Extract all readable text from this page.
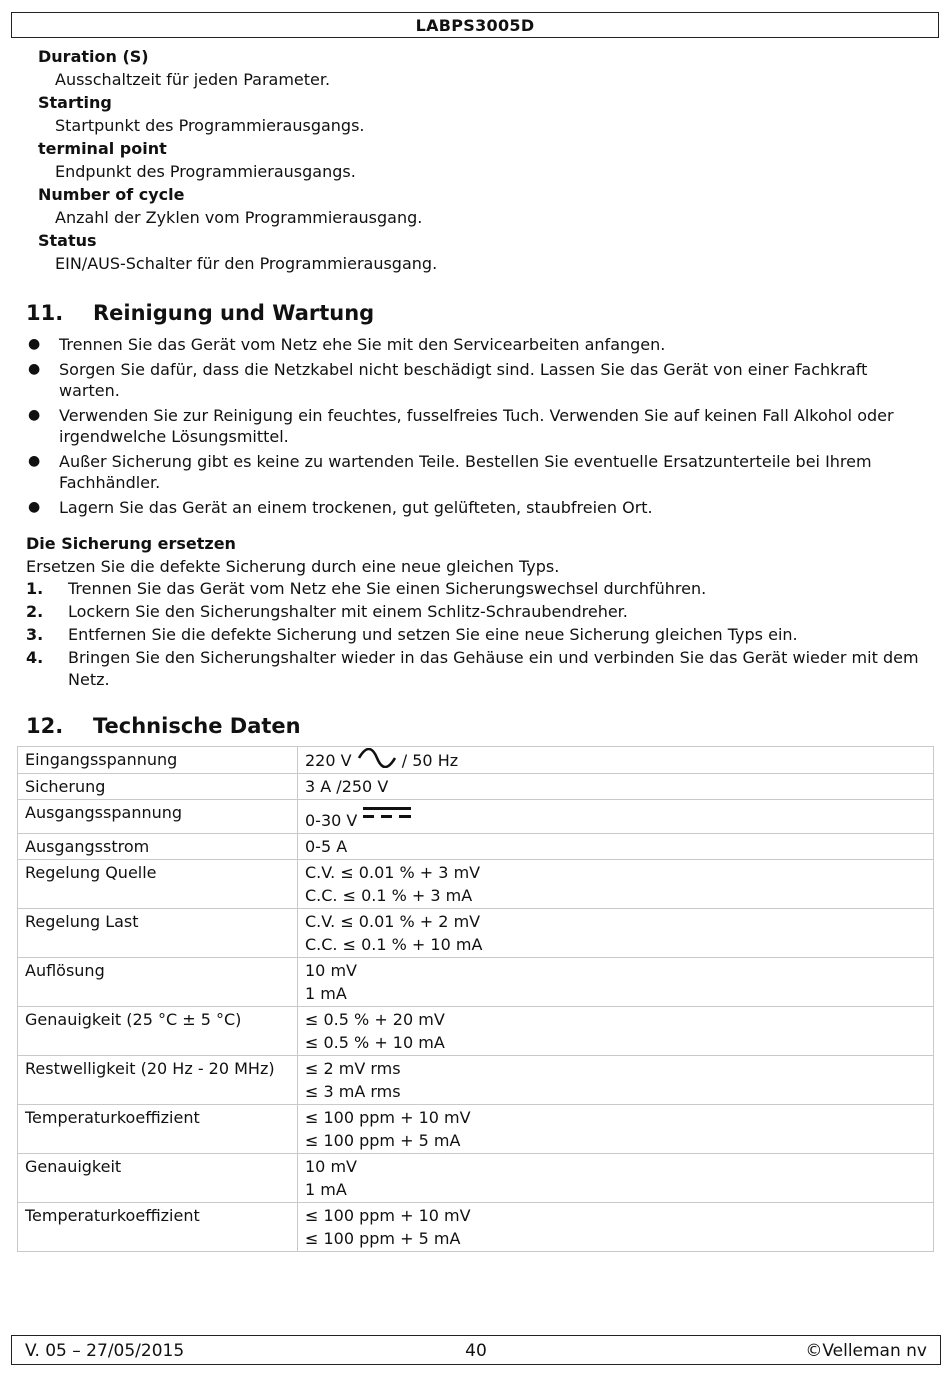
LABPS3005D
Duration (S)
Ausschaltzeit für jeden Parameter.
Starting
Startpunkt des Programmierausgangs.
terminal point
Endpunkt des Programmierausgangs.
Number of cycle
Anzahl der Zyklen vom Programmierausgang.
Status
EIN/AUS-Schalter für den Programmierausgang.
11. Reinigung und Wartung
● Trennen Sie das Gerät vom Netz ehe Sie mit den Servicearbeiten anfangen.
● Sorgen Sie dafür, dass die Netzkabel nicht beschädigt sind. Lassen Sie das Gerät von einer Fachkraft warten.
● Verwenden Sie zur Reinigung ein feuchtes, fusselfreies Tuch. Verwenden Sie auf keinen Fall Alkohol oder irgendwelche Lösungsmittel.
● Außer Sicherung gibt es keine zu wartenden Teile. Bestellen Sie eventuelle Ersatzunterteile bei Ihrem Fachhändler.
● Lagern Sie das Gerät an einem trockenen, gut gelüfteten, staubfreien Ort.
Die Sicherung ersetzen
Ersetzen Sie die defekte Sicherung durch eine neue gleichen Typs.
1. Trennen Sie das Gerät vom Netz ehe Sie einen Sicherungswechsel durchführen.
2. Lockern Sie den Sicherungshalter mit einem Schlitz-Schraubendreher.
3. Entfernen Sie die defekte Sicherung und setzen Sie eine neue Sicherung gleichen Typs ein.
4. Bringen Sie den Sicherungshalter wieder in das Gehäuse ein und verbinden Sie das Gerät wieder mit dem Netz.
12. Technische Daten
Eingangsspannung	220 V / 50 Hz
Sicherung	3 A /250 V
Ausgangsspannung	0-30 V
Ausgangsstrom	0-5 A
Regelung Quelle	C.V. ≤ 0.01 % + 3 mV
C.C. ≤ 0.1 % + 3 mA

Regelung Last	C.V. ≤ 0.01 % + 2 mV
C.C. ≤ 0.1 % + 10 mA

Auflösung	10 mV
1 mA

Genauigkeit (25 °C ± 5 °C)	≤ 0.5 % + 20 mV
≤ 0.5 % + 10 mA

Restwelligkeit (20 Hz - 20 MHz)	≤ 2 mV rms
≤ 3 mA rms

Temperaturkoeffizient	≤ 100 ppm + 10 mV
≤ 100 ppm + 5 mA

Genauigkeit	10 mV
1 mA

Temperaturkoeffizient	≤ 100 ppm + 10 mV
≤ 100 ppm + 5 mA
V. 05 – 27/05/2015	40	©Velleman nv
